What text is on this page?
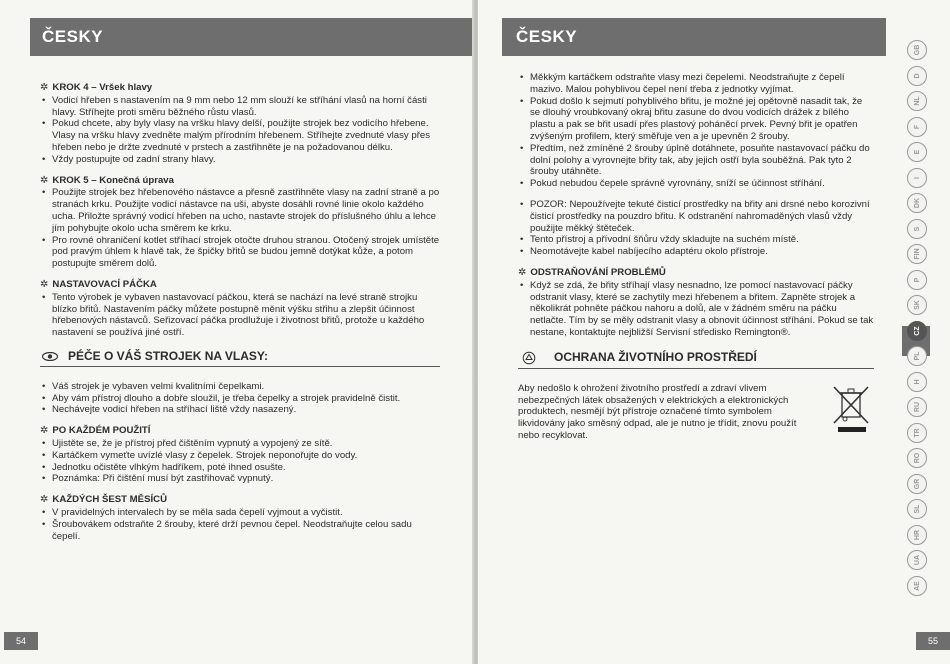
ČESKY
✲ KROK 4 – Vršek hlavy
• Vodicí hřeben s nastavením na 9 mm nebo 12 mm slouží ke stříhání vlasů na horní části hlavy. Stříhejte proti směru běžného růstu vlasů.
• Pokud chcete, aby byly vlasy na vršku hlavy delší, použijte strojek bez vodicího hřebene. Vlasy na vršku hlavy zvedněte malým přírodním hřebenem. Stříhejte zvednuté vlasy přes hřeben nebo je držte zvednuté v prstech a zastřihněte je na požadovanou délku.
• Vždy postupujte od zadní strany hlavy.
✲ KROK 5 – Konečná úprava
• Použijte strojek bez hřebenového nástavce a přesně zastřihněte vlasy na zadní straně a po stranách krku. Použijte vodicí nástavce na uši, abyste dosáhli rovné linie okolo každého ucha. Přiložte správný vodicí hřeben na ucho, nastavte strojek do příslušného úhlu a lehce jím pohybujte okolo ucha směrem ke krku.
• Pro rovné ohraničení kotlet stříhací strojek otočte druhou stranou. Otočený strojek umístěte pod pravým úhlem k hlavě tak, že špičky břitů se budou jemně dotýkat kůže, a potom postupujte směrem dolů.
✲ NASTAVOVACÍ PÁČKA
• Tento výrobek je vybaven nastavovací páčkou, která se nachází na levé straně strojku blízko břitů. Nastavením páčky můžete postupně měnit výšku střihu a zlepšit účinnost hřebenových nástavců. Seřizovací páčka prodlužuje i životnost břitů, protože u každého nastavení se používá jiné ostří.
PÉČE O VÁŠ STROJEK NA VLASY:
• Váš strojek je vybaven velmi kvalitními čepelkami.
• Aby vám přístroj dlouho a dobře sloužil, je třeba čepelky a strojek pravidelně čistit.
• Nechávejte vodicí hřeben na stříhací liště vždy nasazený.
✲ PO KAŽDÉM POUŽITÍ
• Ujistěte se, že je přístroj před čištěním vypnutý a vypojený ze sítě.
• Kartáčkem vymeťte uvízlé vlasy z čepelek. Strojek neponořujte do vody.
• Jednotku očistěte vlhkým hadříkem, poté ihned osušte.
• Poznámka: Při čištění musí být zastřihovač vypnutý.
✲ KAŽDÝCH ŠEST MĚSÍCŮ
• V pravidelných intervalech by se měla sada čepelí vyjmout a vyčistit.
• Šroubovákem odstraňte 2 šrouby, které drží pevnou čepel. Neodstraňujte celou sadu čepelí.
54
ČESKY
• Měkkým kartáčkem odstraňte vlasy mezi čepelemi. Neodstraňujte z čepelí mazivo. Malou pohyblivou čepel není třeba z jednotky vyjímat.
• Pokud došlo k sejmutí pohyblivého břitu, je možné jej opětovně nasadit tak, že se dlouhý vroubkovaný okraj břitu zasune do dvou vodicích drážek z bílého plastu a pak se břit usadí přes plastový poháněcí prvek. Pevný břit je opatřen zvýšeným profilem, který směřuje ven a je upevněn 2 šrouby.
• Předtím, než zmíněné 2 šrouby úplně dotáhnete, posuňte nastavovací páčku do dolní polohy a vyrovnejte břity tak, aby jejich ostří byla souběžná. Pak tyto 2 šrouby utáhněte.
• Pokud nebudou čepele správně vyrovnány, sníží se účinnost stříhání.
• POZOR: Nepoužívejte tekuté čisticí prostředky na břity ani drsné nebo korozivní čisticí prostředky na pouzdro břitu. K odstranění nahromaděných vlasů vždy použijte měkký štěteček.
• Tento přístroj a přívodní šňůru vždy skladujte na suchém místě.
• Neomotávejte kabel nabíjecího adaptéru okolo přístroje.
✲ ODSTRAŇOVÁNÍ PROBLÉMŮ
• Když se zdá, že břity stříhají vlasy nesnadno, lze pomocí nastavovací páčky odstranit vlasy, které se zachytily mezi hřebenem a břitem. Zapněte strojek a několikrát pohněte páčkou nahoru a dolů, ale v žádném směru na páčku netlačte. Tím by se měly odstranit vlasy a obnovit účinnost stříhání. Pokud se tak nestane, kontaktujte nejbližší Servisní středisko Remington®.
OCHRANA ŽIVOTNÍHO PROSTŘEDÍ
Aby nedošlo k ohrožení životního prostředí a zdraví vlivem nebezpečných látek obsažených v elektrických a elektronických produktech, nesmějí být přístroje označené tímto symbolem likvidovány jako směsný odpad, ale je nutno je třídit, znovu použít nebo recyklovat.
55
GB
D
NL
F
E
I
DK
S
FIN
P
SK
CZ
PL
H
RU
TR
RO
GR
SL
HR
UA
AE
